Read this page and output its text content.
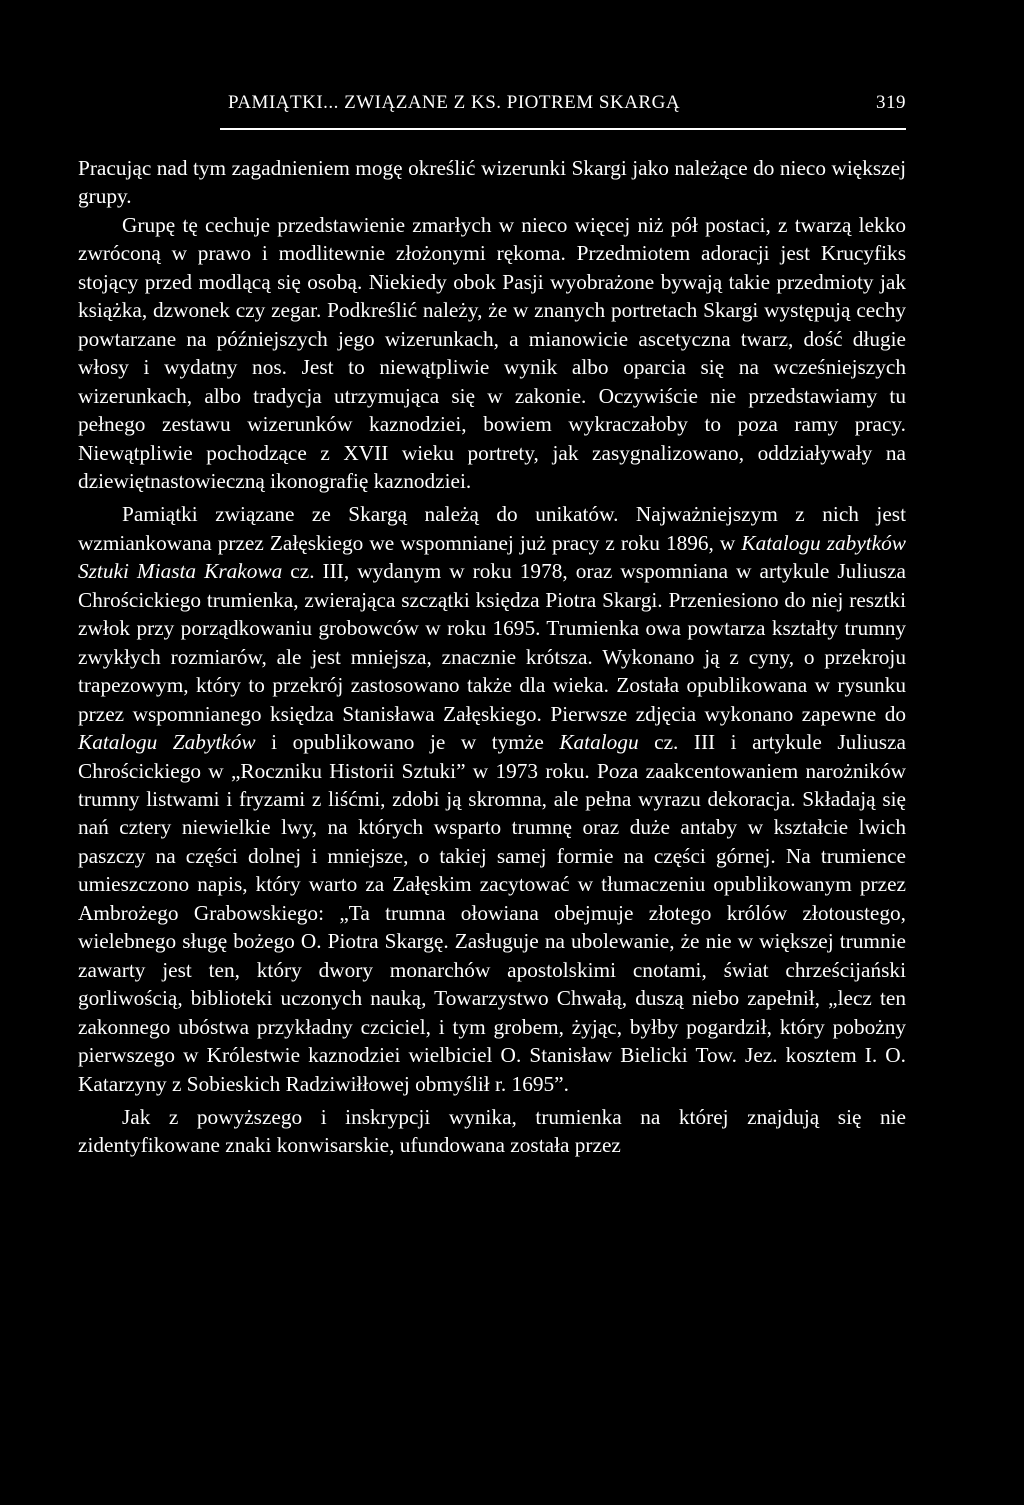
PAMIĄTKI... ZWIĄZANE Z KS. PIOTREM SKARGĄ	319

Pracując nad tym zagadnieniem mogę określić wizerunki Skargi jako należące do nieco większej grupy.

Grupę tę cechuje przedstawienie zmarłych w nieco więcej niż pół postaci, z twarzą lekko zwróconą w prawo i modlitewnie złożonymi rękoma. Przedmiotem adoracji jest Krucyfiks stojący przed modlącą się osobą. Niekiedy obok Pasji wyobrażone bywają takie przedmioty jak książka, dzwonek czy zegar. Podkreślić należy, że w znanych portretach Skargi występują cechy powtarzane na późniejszych jego wizerunkach, a mianowicie ascetyczna twarz, dość długie włosy i wydatny nos. Jest to niewątpliwie wynik albo oparcia się na wcześniejszych wizerunkach, albo tradycja utrzymująca się w zakonie. Oczywiście nie przedstawiamy tu pełnego zestawu wizerunków kaznodziei, bowiem wykraczałoby to poza ramy pracy. Niewątpliwie pochodzące z XVII wieku portrety, jak zasygnalizowano, oddziaływały na dziewiętnastowieczną ikonografię kaznodziei.

Pamiątki związane ze Skargą należą do unikatów. Najważniejszym z nich jest wzmiankowana przez Załęskiego we wspomnianej już pracy z roku 1896, w Katalogu zabytków Sztuki Miasta Krakowa cz. III, wydanym w roku 1978, oraz wspomniana w artykule Juliusza Chrościckiego trumienka, zwierająca szczątki księdza Piotra Skargi. Przeniesiono do niej resztki zwłok przy porządkowaniu grobowców w roku 1695. Trumienka owa powtarza kształty trumny zwykłych rozmiarów, ale jest mniejsza, znacznie krótsza. Wykonano ją z cyny, o przekroju trapezowym, który to przekrój zastosowano także dla wieka. Została opublikowana w rysunku przez wspomnianego księdza Stanisława Załęskiego. Pierwsze zdjęcia wykonano zapewne do Katalogu Zabytków i opublikowano je w tymże Katalogu cz. III i artykule Juliusza Chrościckiego w „Roczniku Historii Sztuki” w 1973 roku. Poza zaakcentowaniem narożników trumny listwami i fryzami z liśćmi, zdobi ją skromna, ale pełna wyrazu dekoracja. Składają się nań cztery niewielkie lwy, na których wsparto trumnę oraz duże antaby w kształcie lwich paszczy na części dolnej i mniejsze, o takiej samej formie na części górnej. Na trumience umieszczono napis, który warto za Załęskim zacytować w tłumaczeniu opublikowanym przez Ambrożego Grabowskiego: „Ta trumna ołowiana obejmuje złotego królów złotoustego, wielebnego sługę bożego O. Piotra Skargę. Zasługuje na ubolewanie, że nie w większej trumnie zawarty jest ten, który dwory monarchów apostolskimi cnotami, świat chrześcijański gorliwością, biblioteki uczonych nauką, Towarzystwo Chwałą, duszą niebo zapełnił, „lecz ten zakonnego ubóstwa przykładny czciciel, i tym grobem, żyjąc, byłby pogardził, który pobożny pierwszego w Królestwie kaznodziei wielbiciel O. Stanisław Bielicki Tow. Jez. kosztem I. O. Katarzyny z Sobieskich Radziwiłłowej obmyślił r. 1695”.

Jak z powyższego i inskrypcji wynika, trumienka na której znajdują się nie zidentyfikowane znaki konwisarskie, ufundowana została przez
